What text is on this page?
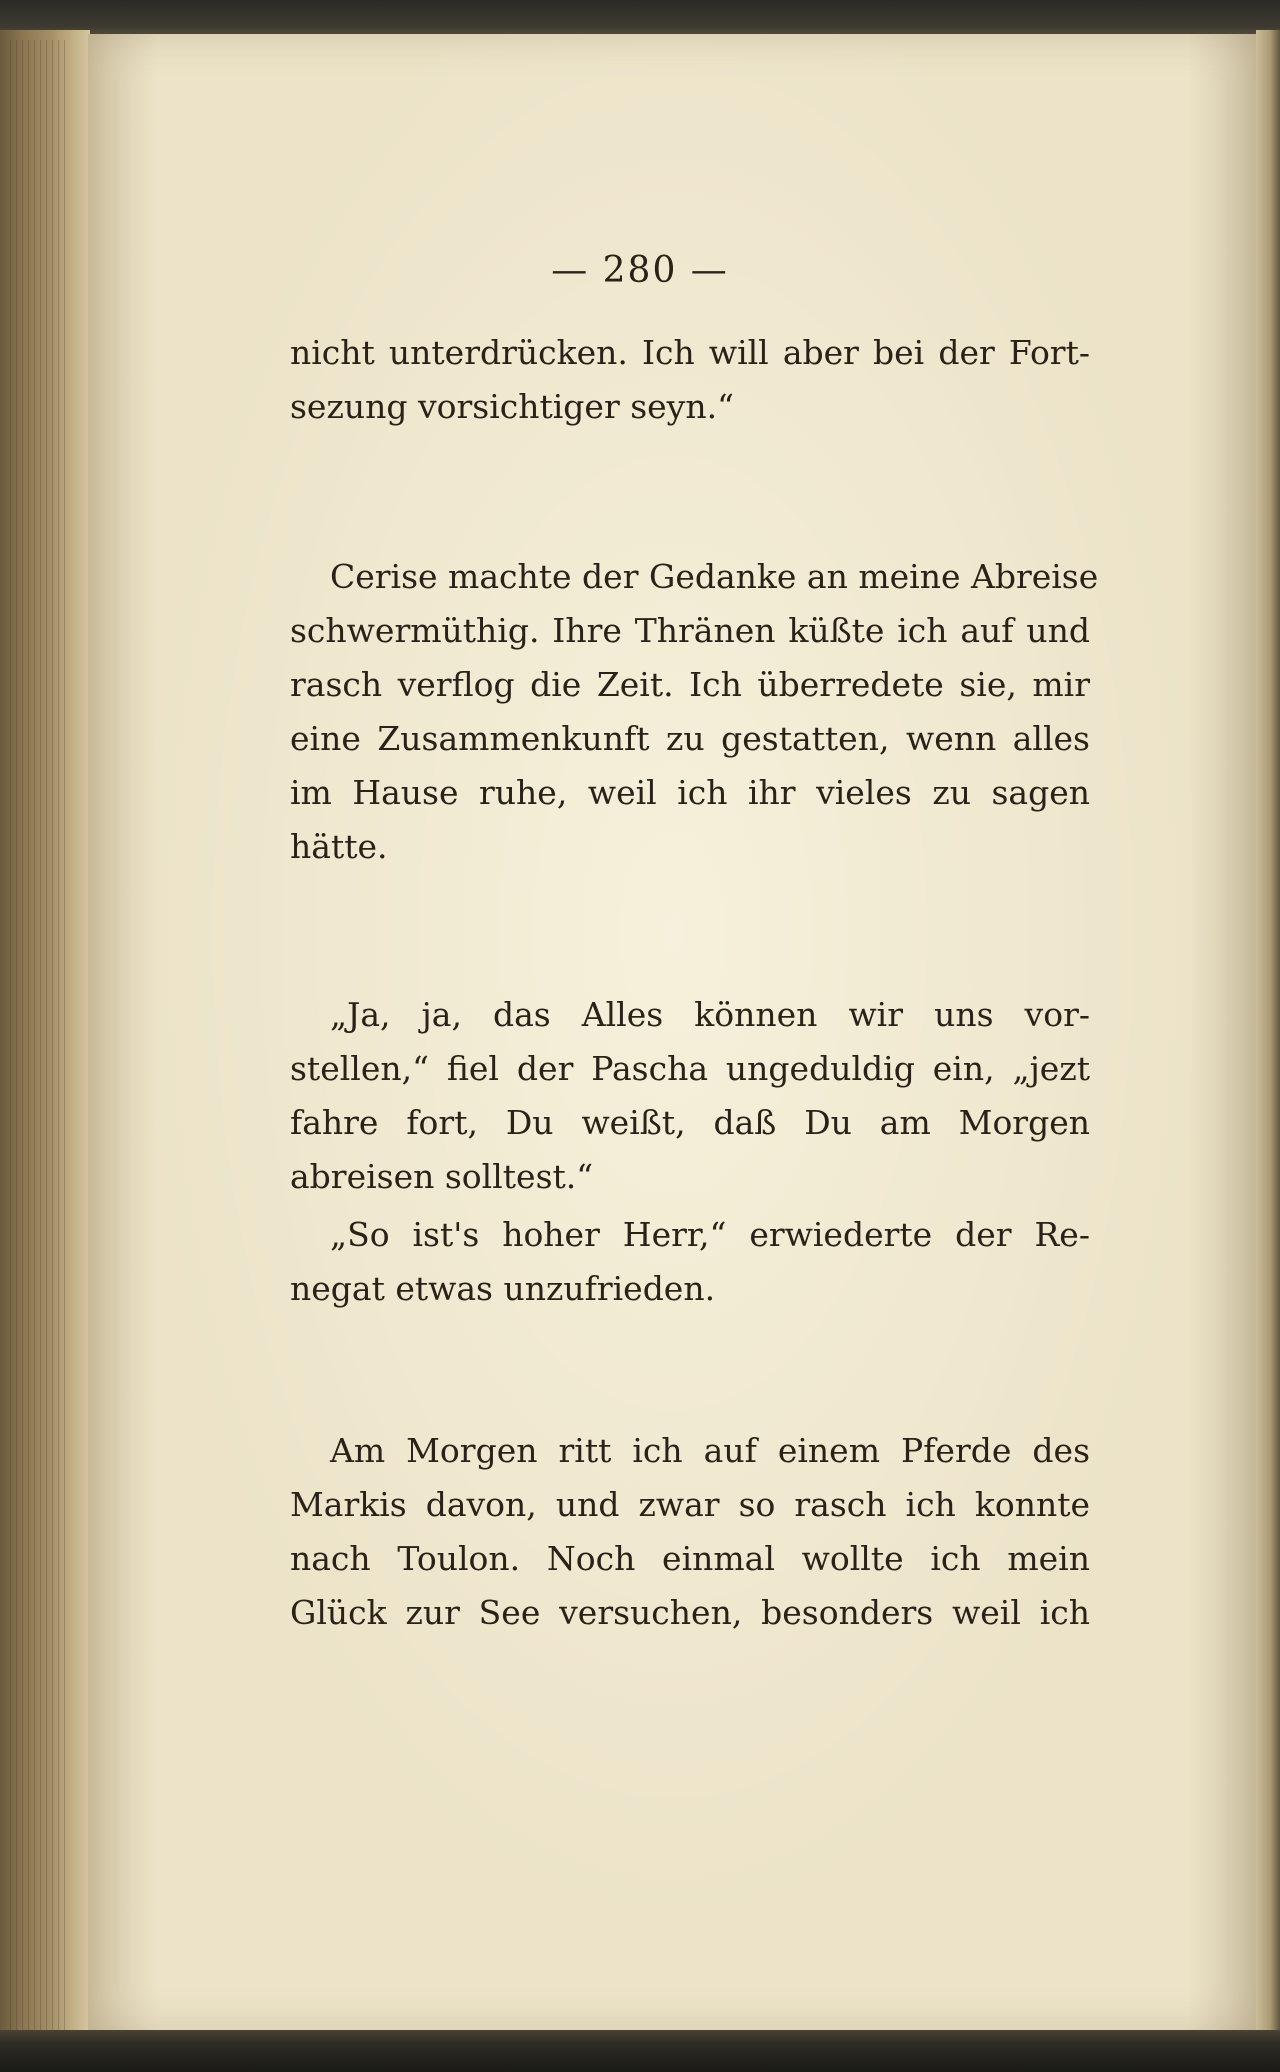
— 280 —
nicht unterdrücken. Ich will aber bei der Fort-
sezung vorsichtiger seyn.“
Cerise machte der Gedanke an meine Abreise
schwermüthig. Ihre Thränen küßte ich auf und
rasch verflog die Zeit. Ich überredete sie, mir
eine Zusammenkunft zu gestatten, wenn alles
im Hause ruhe, weil ich ihr vieles zu sagen
hätte.
„Ja, ja, das Alles können wir uns vor-
stellen,“ fiel der Pascha ungeduldig ein, „jezt
fahre fort, Du weißt, daß Du am Morgen
abreisen solltest.“
„So ist's hoher Herr,“ erwiederte der Re-
negat etwas unzufrieden.
Am Morgen ritt ich auf einem Pferde des
Markis davon, und zwar so rasch ich konnte
nach Toulon. Noch einmal wollte ich mein
Glück zur See versuchen, besonders weil ich
